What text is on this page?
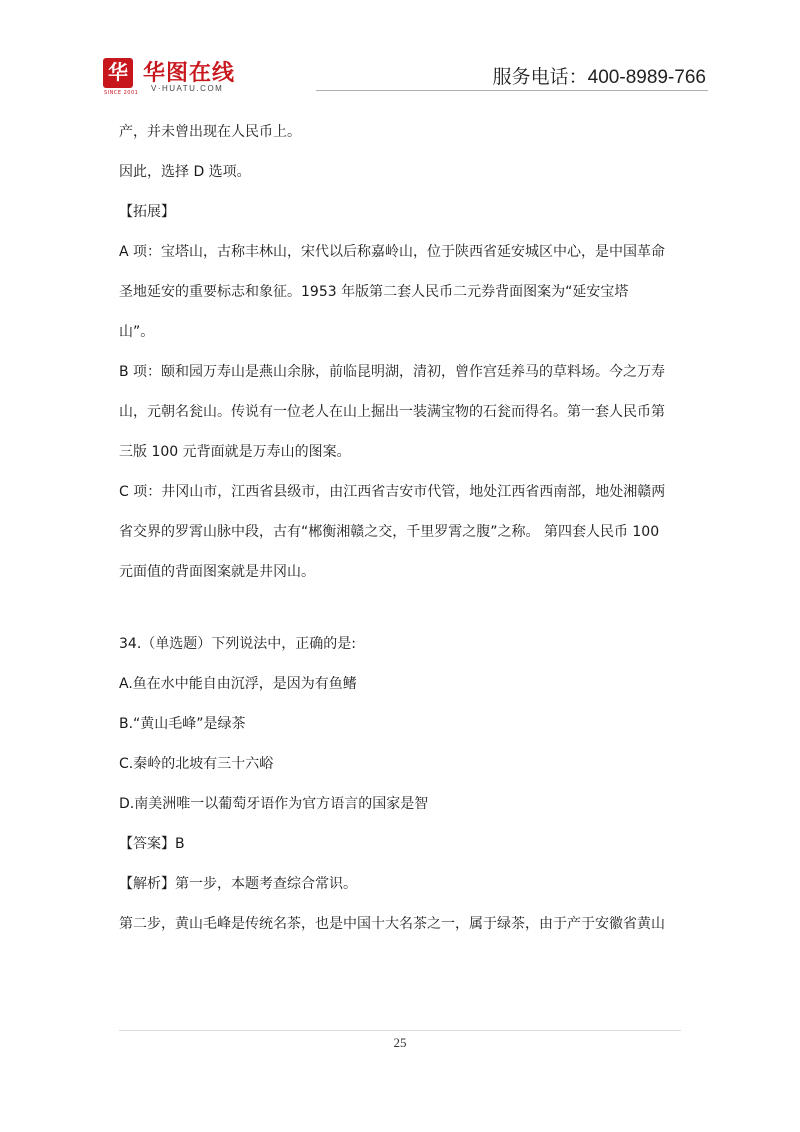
华
SINCE 2001
华图在线
V·HUATU.COM
服务电话：400-8989-766
产，并未曾出现在人民币上。
因此，选择 D 选项。
【拓展】
A 项：宝塔山，古称丰林山，宋代以后称嘉岭山，位于陕西省延安城区中心，是中国革命
圣地延安的重要标志和象征。1953 年版第二套人民币二元券背面图案为“延安宝塔
山”。
B 项：颐和园万寿山是燕山余脉，前临昆明湖，清初，曾作宫廷养马的草料场。今之万寿
山，元朝名瓮山。传说有一位老人在山上掘出一装满宝物的石瓮而得名。第一套人民币第
三版 100 元背面就是万寿山的图案。
C 项：井冈山市，江西省县级市，由江西省吉安市代管，地处江西省西南部，地处湘赣两
省交界的罗霄山脉中段，古有“郴衡湘赣之交，千里罗霄之腹”之称。 第四套人民币 100
元面值的背面图案就是井冈山。
34.（单选题）下列说法中，正确的是:
A.鱼在水中能自由沉浮，是因为有鱼鳍
B.“黄山毛峰”是绿茶
C.秦岭的北坡有三十六峪
D.南美洲唯一以葡萄牙语作为官方语言的国家是智
【答案】B
【解析】第一步，本题考查综合常识。
第二步，黄山毛峰是传统名茶，也是中国十大名茶之一，属于绿茶，由于产于安徽省黄山
25
